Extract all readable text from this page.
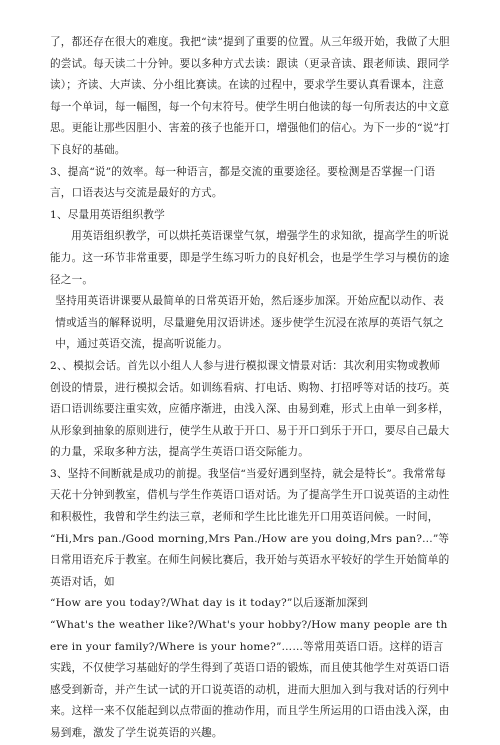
了，都还存在很大的难度。我把“读”提到了重要的位置。从三年级开始，我做了大胆的尝试。每天读二十分钟。要以多种方式去读：跟读（更录音读、跟老师读、跟同学读）；齐读、大声读、分小组比赛读。在读的过程中，要求学生要认真看课本，注意每一个单词，每一幅图，每一个句末符号。使学生明白他读的每一句所表达的中文意思。更能让那些因胆小、害羞的孩子也能开口，增强他们的信心。为下一步的“说”打下良好的基础。

3、提高“说”的效率。每一种语言，都是交流的重要途径。要检测是否掌握一门语言，口语表达与交流是最好的方式。

1、尽量用英语组织教学

用英语组织教学，可以烘托英语课堂气氛，增强学生的求知欲，提高学生的听说能力。这一环节非常重要，即是学生练习听力的良好机会，也是学生学习与模仿的途径之一。

坚持用英语讲课要从最简单的日常英语开始，然后逐步加深。开始应配以动作、表情或适当的解释说明，尽量避免用汉语讲述。逐步使学生沉浸在浓厚的英语气氛之中，通过英语交流，提高听说能力。

2、、模拟会话。首先以小组人人参与进行模拟课文情景对话：其次利用实物或教师创设的情景，进行模拟会话。如训练看病、打电话、购物、打招呼等对话的技巧。英语口语训练要注重实效，应循序渐进，由浅入深、由易到难，形式上由单一到多样，从形象到抽象的原则进行，使学生从敢于开口、易于开口到乐于开口，要尽自己最大的力量，采取多种方法，提高学生英语口语交际能力。

3、坚持不间断就是成功的前提。我坚信“当爱好遇到坚持，就会是特长”。我常常每天花十分钟到教室，借机与学生作英语口语对话。为了提高学生开口说英语的主动性和积极性，我曾和学生约法三章，老师和学生比比谁先开口用英语问候。一时间，

“Hi,Mrs pan./Good morning,Mrs Pan./How are you doing,Mrs pan?...”等日常用语充斥于教室。在师生问候比赛后，我开始与英语水平较好的学生开始简单的英语对话，如

“How are you today?/What day is it today?”以后逐渐加深到

“What's the weather like?/What's your hobby?/How many people are there in your family?/Where is your home?”……等常用英语口语。这样的语言实践，不仅使学习基础好的学生得到了英语口语的锻炼，而且使其他学生对英语口语感受到新奇，并产生试一试的开口说英语的动机，进而大胆加入到与我对话的行列中来。这样一来不仅能起到以点带面的推动作用，而且学生所运用的口语由浅入深，由易到难，激发了学生说英语的兴趣。
